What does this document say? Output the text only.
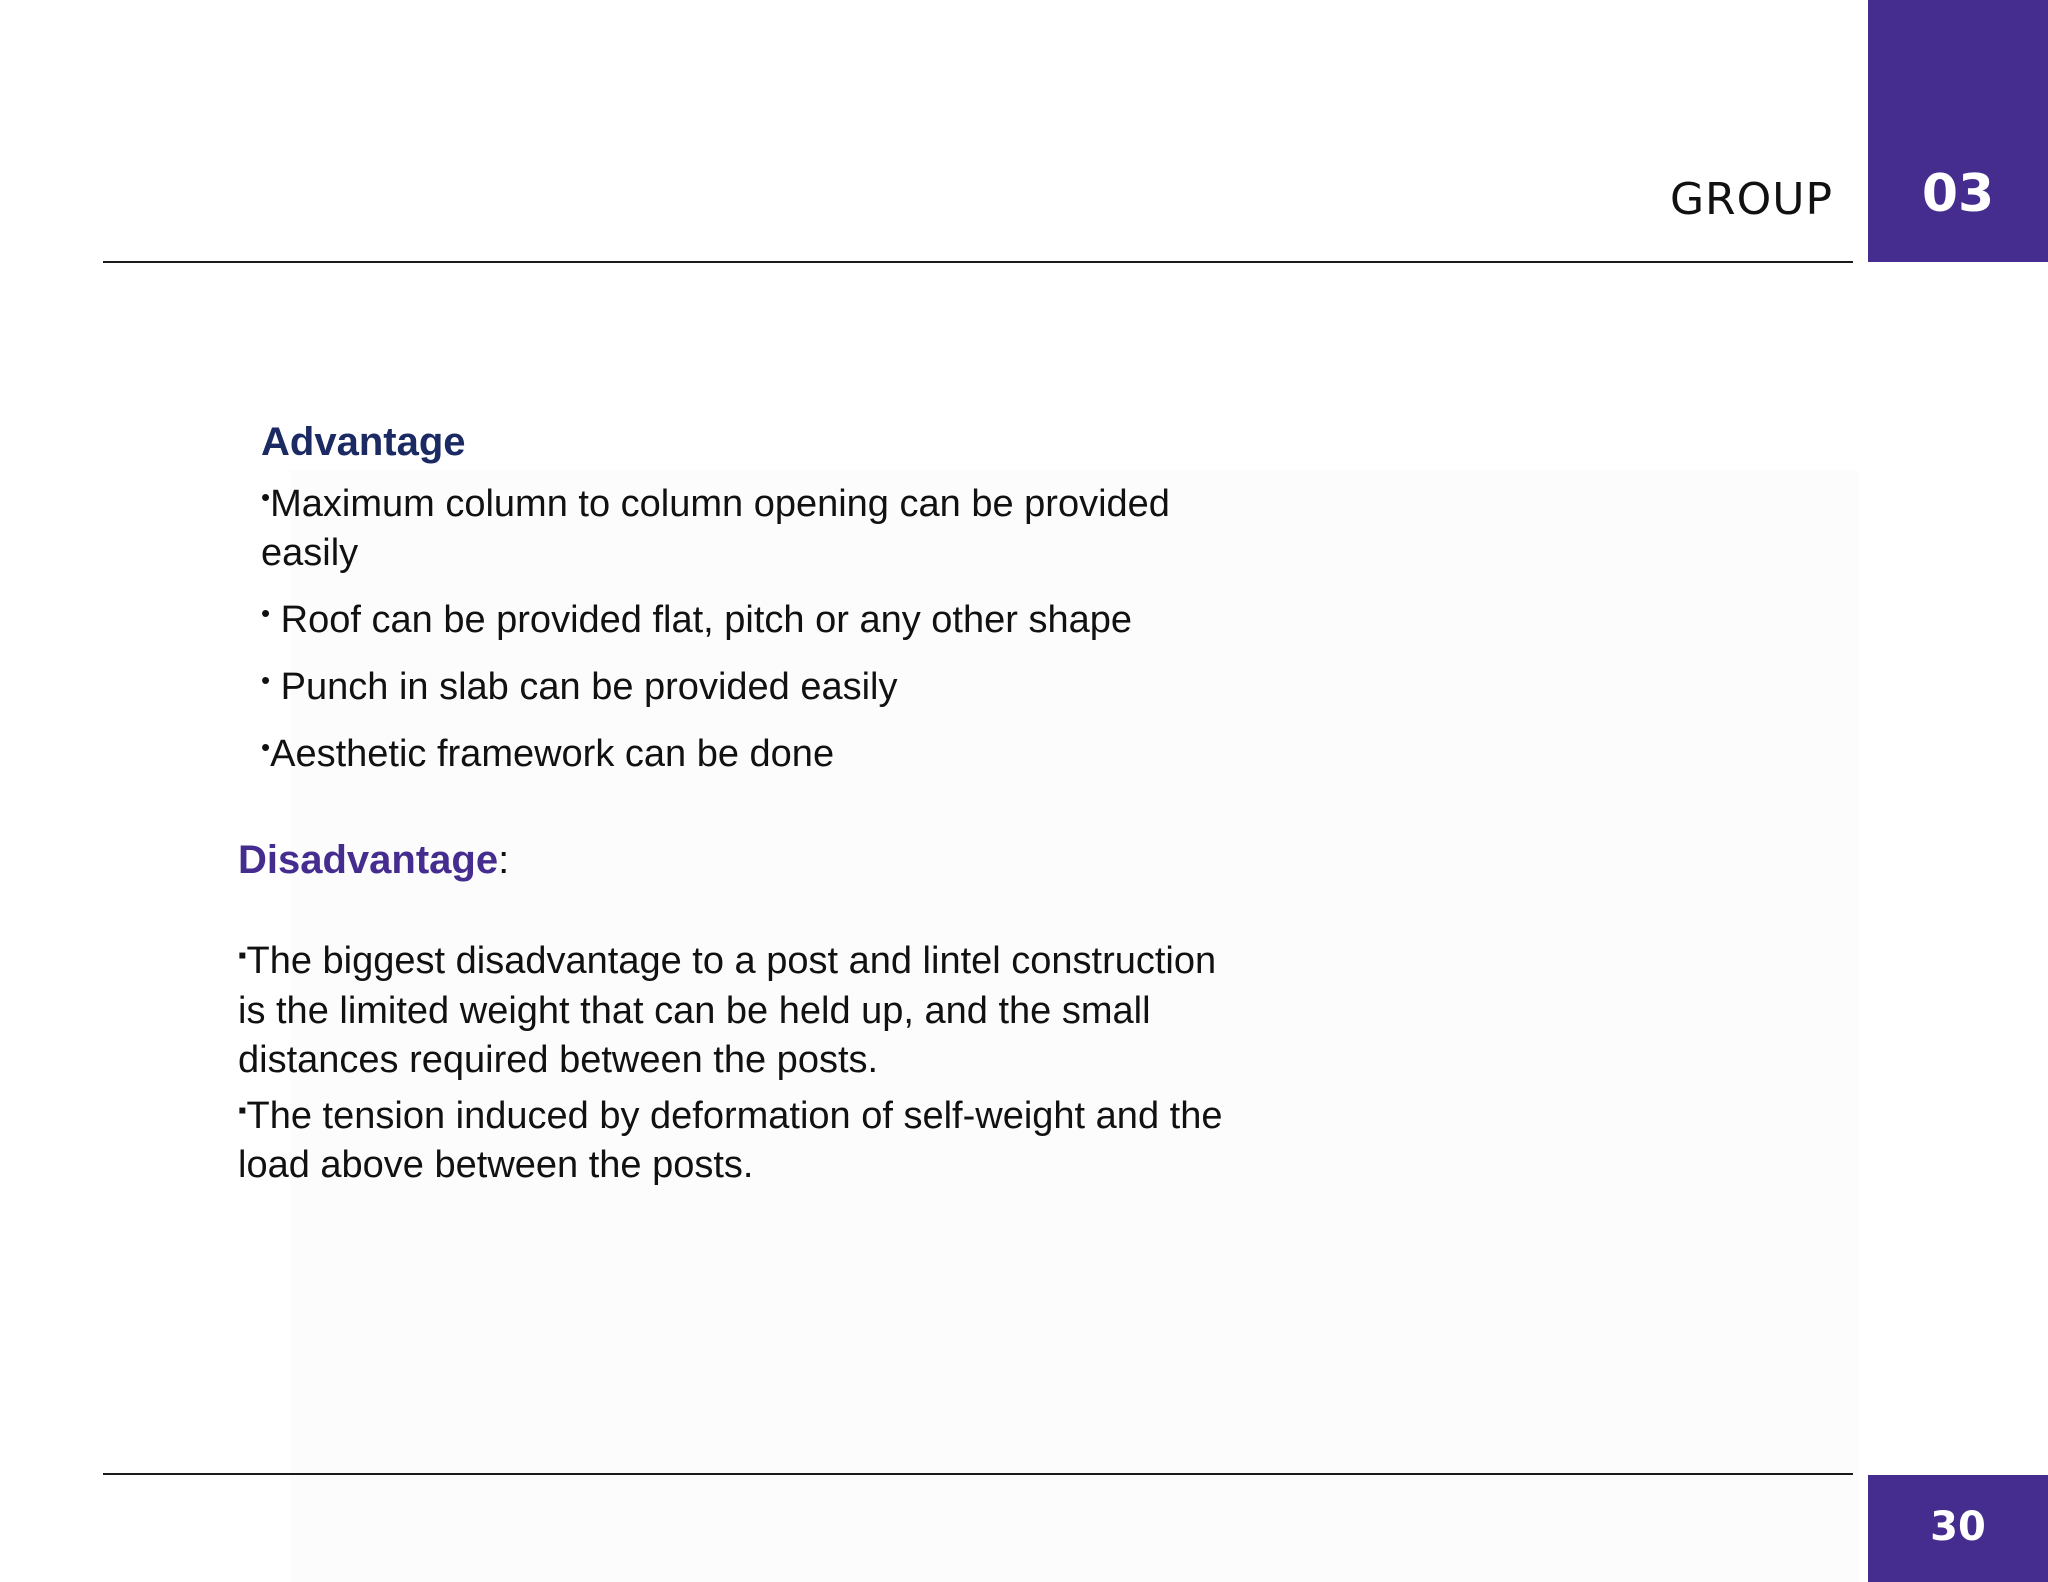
GROUP	03
Advantage
•Maximum column to column opening can be provided easily
• Roof can be provided flat, pitch or any other shape
• Punch in slab can be provided easily
•Aesthetic framework can be done
Disadvantage:
▪The biggest disadvantage to a post and lintel construction is the limited weight that can be held up, and the small distances required between the posts.
▪The tension induced by deformation of self-weight and the load above between the posts.
30
